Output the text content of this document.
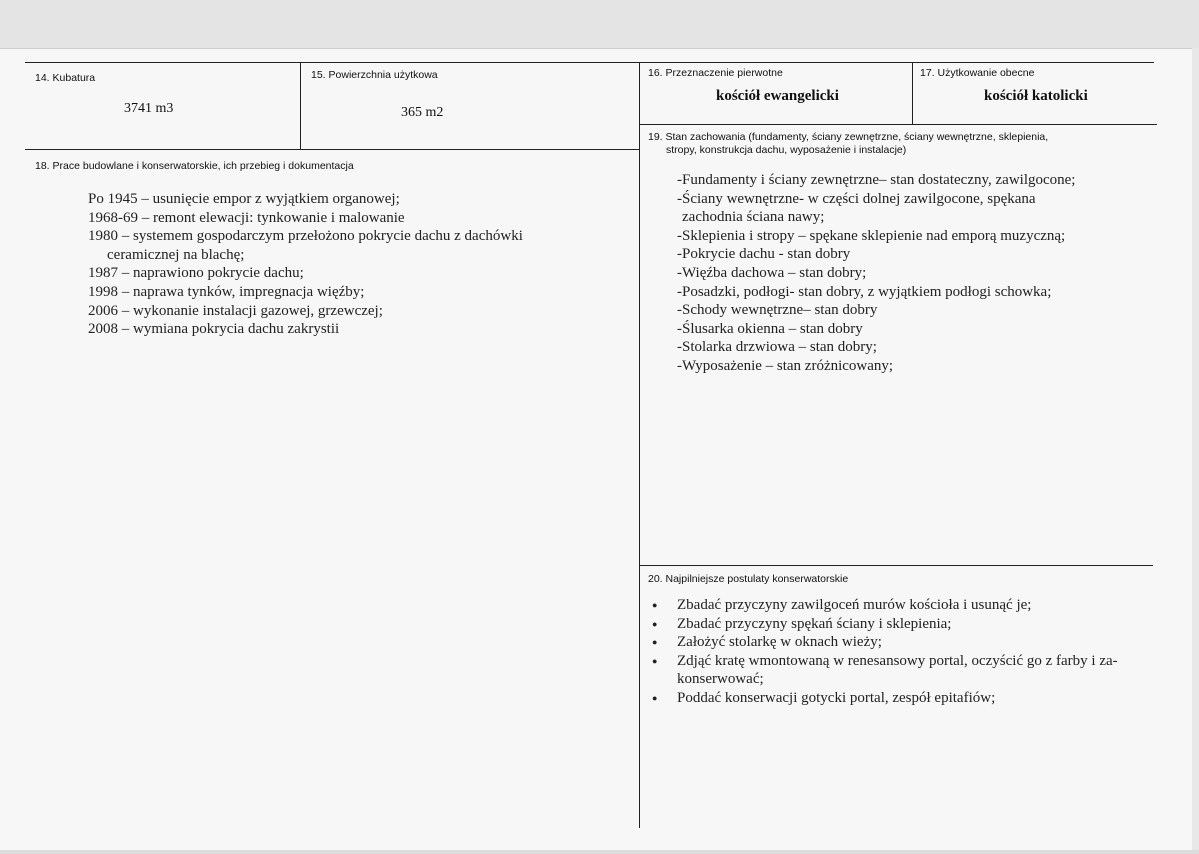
14. Kubatura
3741 m3
15. Powierzchnia użytkowa
365 m2
16. Przeznaczenie pierwotne
kościół ewangelicki
17. Użytkowanie obecne
kościół katolicki
18. Prace budowlane i konserwatorskie, ich przebieg i dokumentacja
Po 1945 – usunięcie empor z wyjątkiem organowej;
1968-69 – remont elewacji: tynkowanie i malowanie
1980 – systemem gospodarczym przełożono pokrycie dachu z dachówki
ceramicznej na blachę;
1987 – naprawiono pokrycie dachu;
1998 – naprawa tynków, impregnacja więźby;
2006 – wykonanie instalacji gazowej, grzewczej;
2008 – wymiana pokrycia dachu zakrystii
19. Stan zachowania (fundamenty, ściany zewnętrzne, ściany wewnętrzne, sklepienia,
stropy, konstrukcja dachu, wyposażenie i instalacje)
-Fundamenty i ściany zewnętrzne– stan dostateczny, zawilgocone;
-Ściany wewnętrzne- w części dolnej zawilgocone, spękana
zachodnia ściana nawy;
-Sklepienia i stropy – spękane sklepienie nad emporą muzyczną;
-Pokrycie dachu - stan dobry
-Więźba dachowa – stan dobry;
-Posadzki, podłogi- stan dobry, z wyjątkiem podłogi schowka;
-Schody wewnętrzne– stan dobry
-Ślusarka okienna – stan dobry
-Stolarka drzwiowa – stan dobry;
-Wyposażenie – stan zróżnicowany;
20. Najpilniejsze postulaty konserwatorskie
● Zbadać przyczyny zawilgoceń murów kościoła i usunąć je;
● Zbadać przyczyny spękań ściany i sklepienia;
● Założyć stolarkę w oknach wieży;
● Zdjąć kratę wmontowaną w renesansowy portal, oczyścić go z farby i za-
konserwować;
● Poddać konserwacji gotycki portal, zespół epitafiów;
